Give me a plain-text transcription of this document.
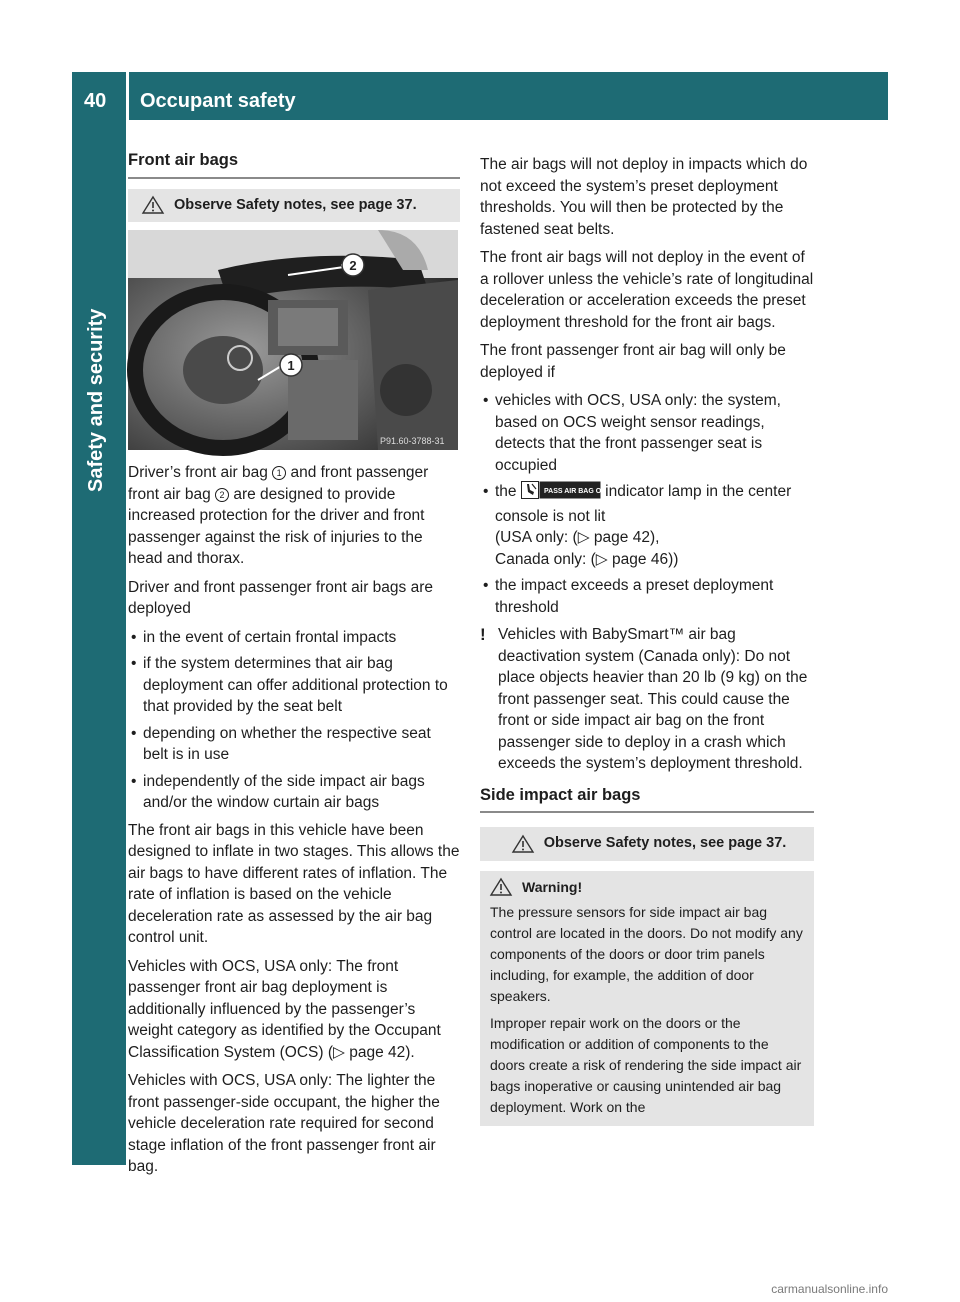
40 Occupant safety
Safety and security
Front air bags
Observe Safety notes, see page 37.
2
1
P91.60-3788-31

Driver’s front air bag 1 and front passenger front air bag 2 are designed to provide increased protection for the driver and front passenger against the risk of injuries to the head and thorax.

Driver and front passenger front air bags are deployed

• in the event of certain frontal impacts
• if the system determines that air bag deployment can offer additional protection to that provided by the seat belt
• depending on whether the respective seat belt is in use
• independently of the side impact air bags and/or the window curtain air bags

The front air bags in this vehicle have been designed to inflate in two stages. This allows the air bags to have different rates of inflation. The rate of inflation is based on the vehicle deceleration rate as assessed by the air bag control unit.

Vehicles with OCS, USA only: The front passenger front air bag deployment is additionally influenced by the passenger’s weight category as identified by the Occupant Classification System (OCS) (▷ page 42).

Vehicles with OCS, USA only: The lighter the front passenger-side occupant, the higher the vehicle deceleration rate required for second stage inflation of the front passenger front air bag.

The air bags will not deploy in impacts which do not exceed the system’s preset deployment thresholds. You will then be protected by the fastened seat belts.

The front air bags will not deploy in the event of a rollover unless the vehicle’s rate of longitudinal deceleration or acceleration exceeds the preset deployment threshold for the front air bags.

The front passenger front air bag will only be deployed if

• vehicles with OCS, USA only: the system, based on OCS weight sensor readings, detects that the front passenger seat is occupied
• the	PASS AIR BAG OFF
indicator lamp in the center console is not lit
(USA only: (▷ page 42),
Canada only: (▷ page 46))
• the impact exceeds a preset deployment threshold
! Vehicles with BabySmart™ air bag deactivation system (Canada only): Do not place objects heavier than 20 lb (9 kg) on the front passenger seat. This could cause the front or side impact air bag on the front passenger side to deploy in a crash which exceeds the system’s deployment threshold.
Side impact air bags
Observe Safety notes, see page 37.
Warning!

The pressure sensors for side impact air bag control are located in the doors. Do not modify any components of the doors or door trim panels including, for example, the addition of door speakers.

Improper repair work on the doors or the modification or addition of components to the doors create a risk of rendering the side impact air bags inoperative or causing unintended air bag deployment. Work on the

carmanualsonline.info
